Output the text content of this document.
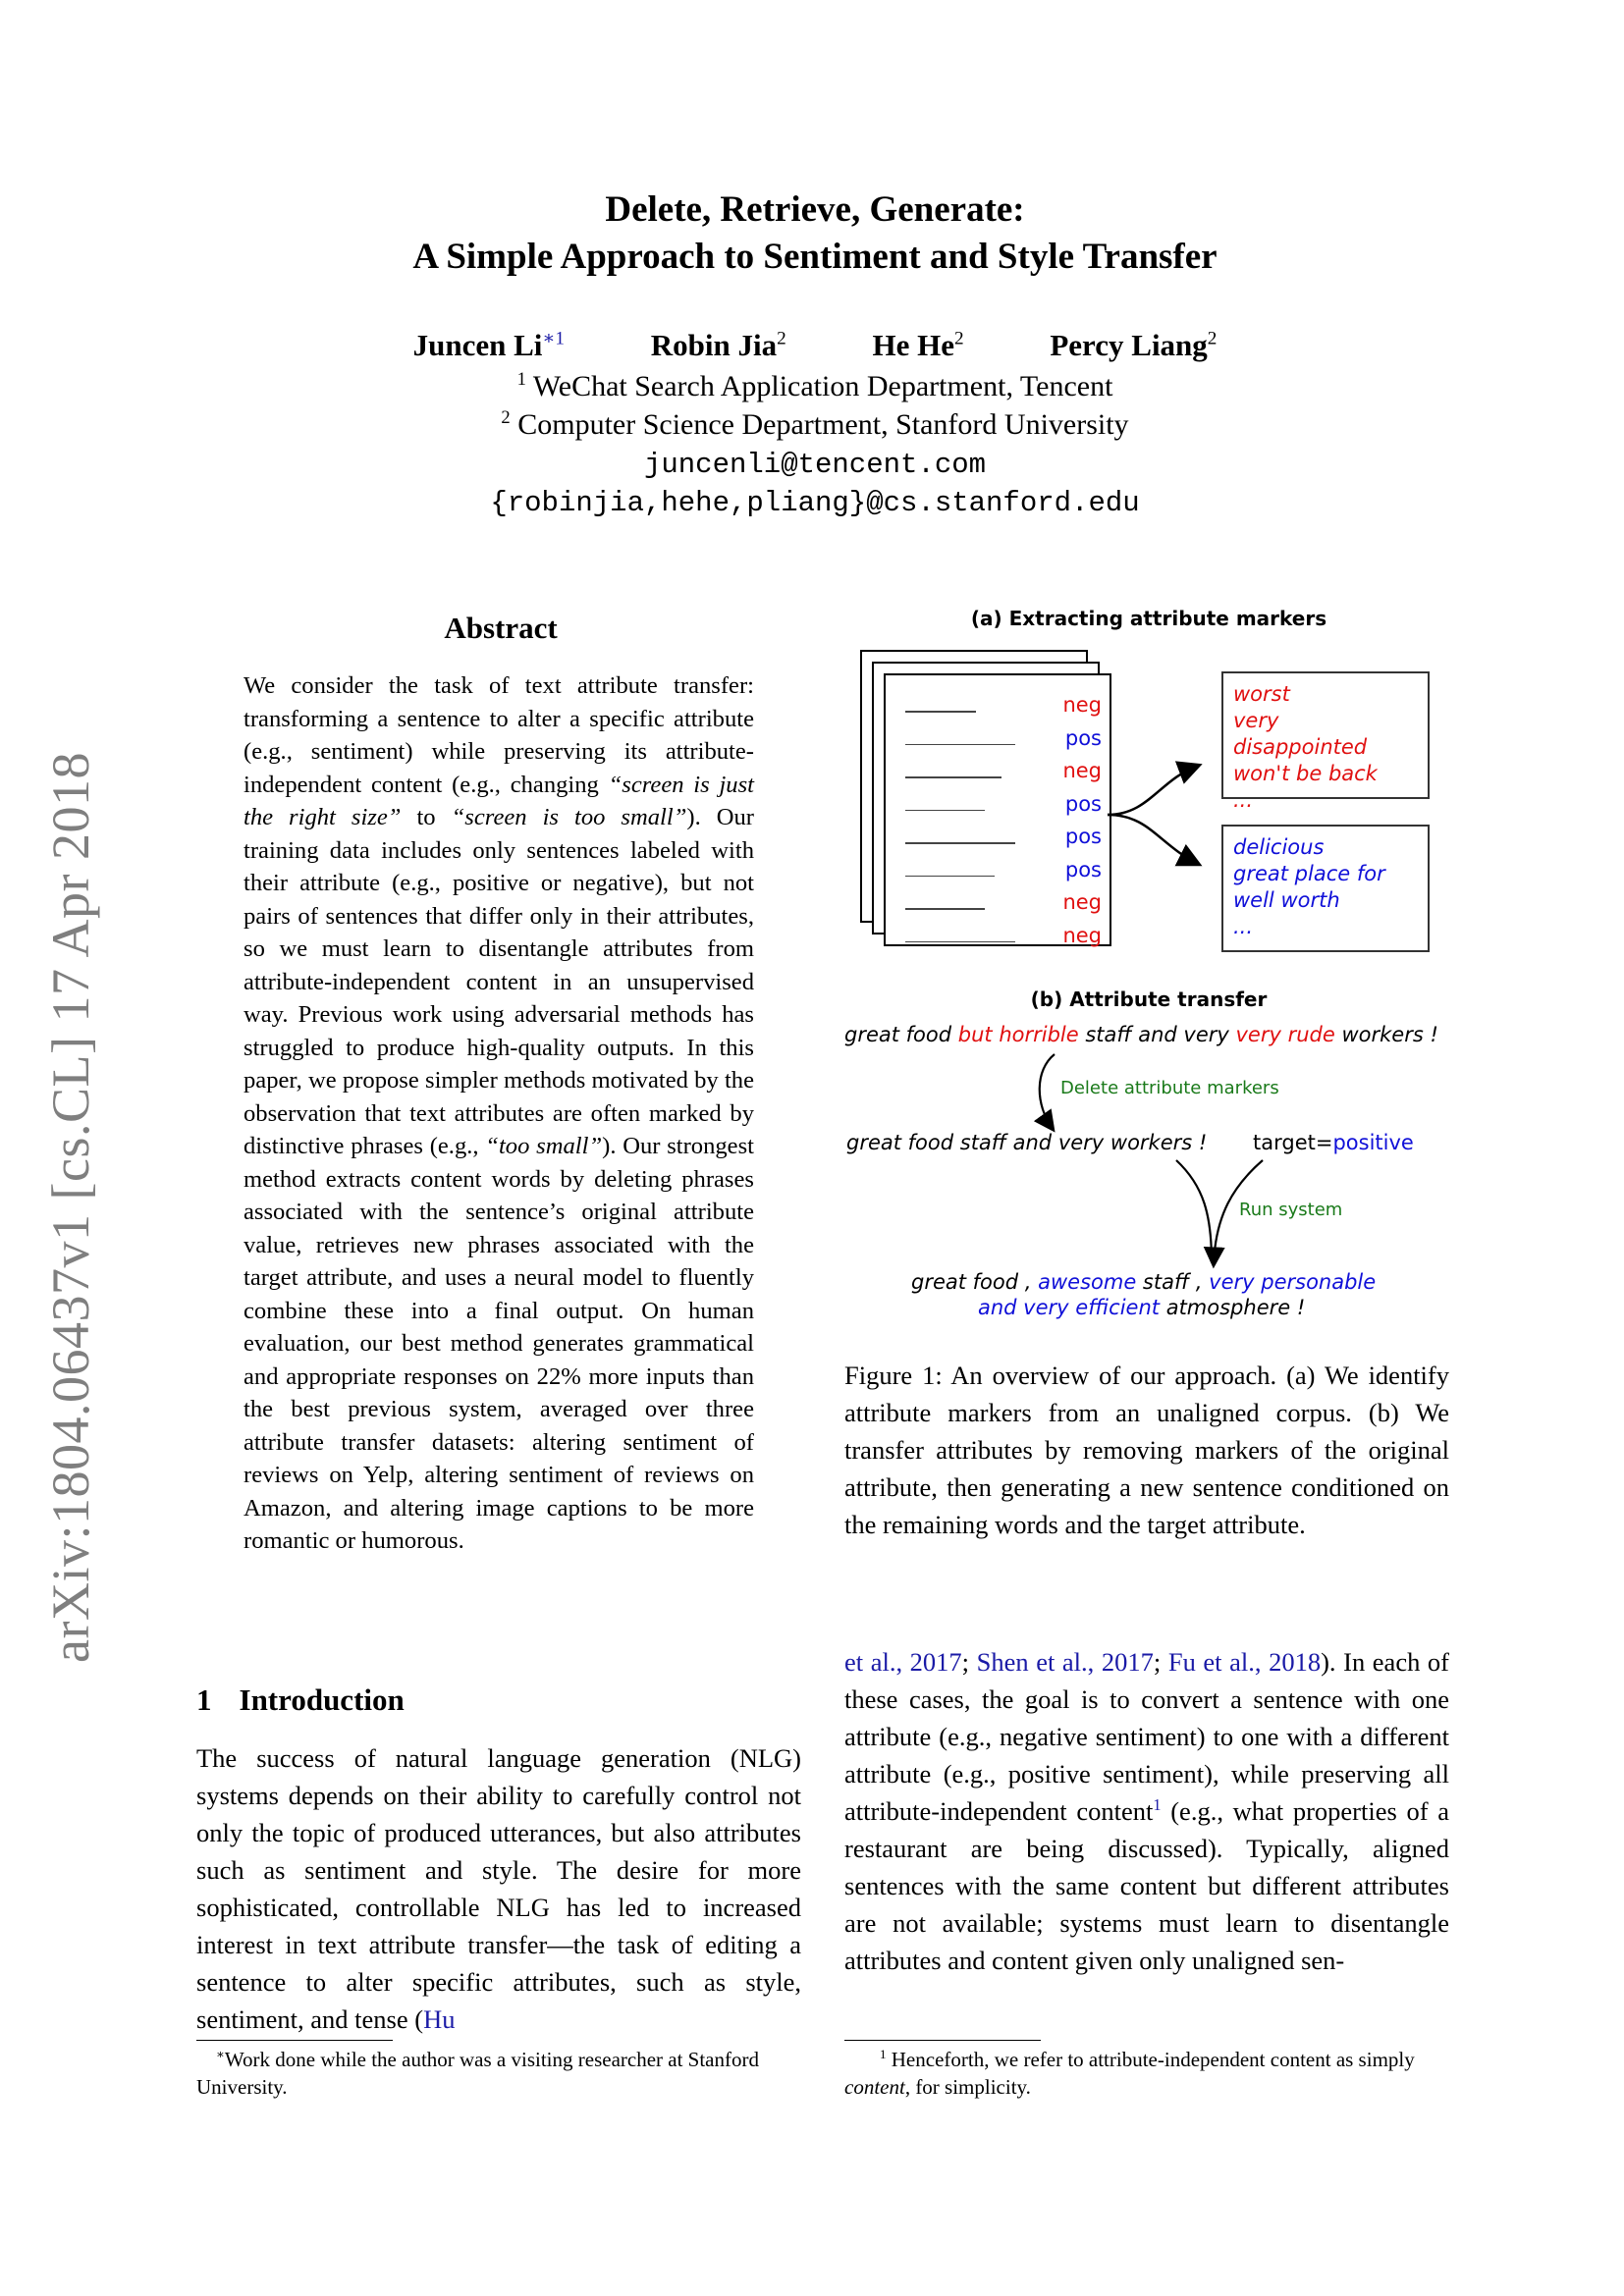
arXiv:1804.06437v1 [cs.CL] 17 Apr 2018
Delete, Retrieve, Generate:
A Simple Approach to Sentiment and Style Transfer
Juncen $Li^{∗1}$	Robin Jia$^2$	He He$^2$	Percy Liang$^2$
$^1$ WeChat Search Application Department, Tencent
$^2$ Computer Science Department, Stanford University
juncenli@tencent.com
{robinjia,hehe,pliang}@cs.stanford.edu
Abstract
We consider the task of text attribute transfer: transforming a sentence to alter a specific attribute (e.g., sentiment) while preserving its attribute-independent content (e.g., changing “screen is just the right size” to “screen is too small”). Our training data includes only sentences labeled with their attribute (e.g., positive or negative), but not pairs of sentences that differ only in their attributes, so we must learn to disentangle attributes from attribute-independent content in an unsupervised way. Previous work using adversarial methods has struggled to produce high-quality outputs. In this paper, we propose simpler methods motivated by the observation that text attributes are often marked by distinctive phrases (e.g., “too small”). Our strongest method extracts content words by deleting phrases associated with the sentence’s original attribute value, retrieves new phrases associated with the target attribute, and uses a neural model to fluently combine these into a final output. On human evaluation, our best method generates grammatical and appropriate responses on 22% more inputs than the best previous system, averaged over three attribute transfer datasets: altering sentiment of reviews on Yelp, altering sentiment of reviews on Amazon, and altering image captions to be more romantic or humorous.
1 Introduction
The success of natural language generation (NLG) systems depends on their ability to carefully control not only the topic of produced utterances, but also attributes such as sentiment and style. The desire for more sophisticated, controllable NLG has led to increased interest in text attribute transfer—the task of editing a sentence to alter specific attributes, such as style, sentiment, and tense (Hu
et al., 2017; Shen et al., 2017; Fu et al., 2018). In each of these cases, the goal is to convert a sentence with one attribute (e.g., negative sentiment) to one with a different attribute (e.g., positive sentiment), while preserving all attribute-independent content$^1$ (e.g., what properties of a restaurant are being discussed). Typically, aligned sentences with the same content but different attributes are not available; systems must learn to disentangle attributes and content given only unaligned sen-
∗Work done while the author was a visiting researcher at Stanford University.
$^1$ Henceforth, we refer to attribute-independent content as simply content, for simplicity.
(a) Extracting attribute markers
neg
pos
neg
pos
pos
pos
neg
neg
worst
very disappointed
won't be back
...
delicious
great place for
well worth
...
(b) Attribute transfer
great food but horrible staff and very very rude workers !
Delete attribute markers
great food staff and very workers ! target=positive
Run system
great food , awesome staff , very personable
and very efficient atmosphere !
Figure 1: An overview of our approach. (a) We identify attribute markers from an unaligned corpus. (b) We transfer attributes by removing markers of the original attribute, then generating a new sentence conditioned on the remaining words and the target attribute.
